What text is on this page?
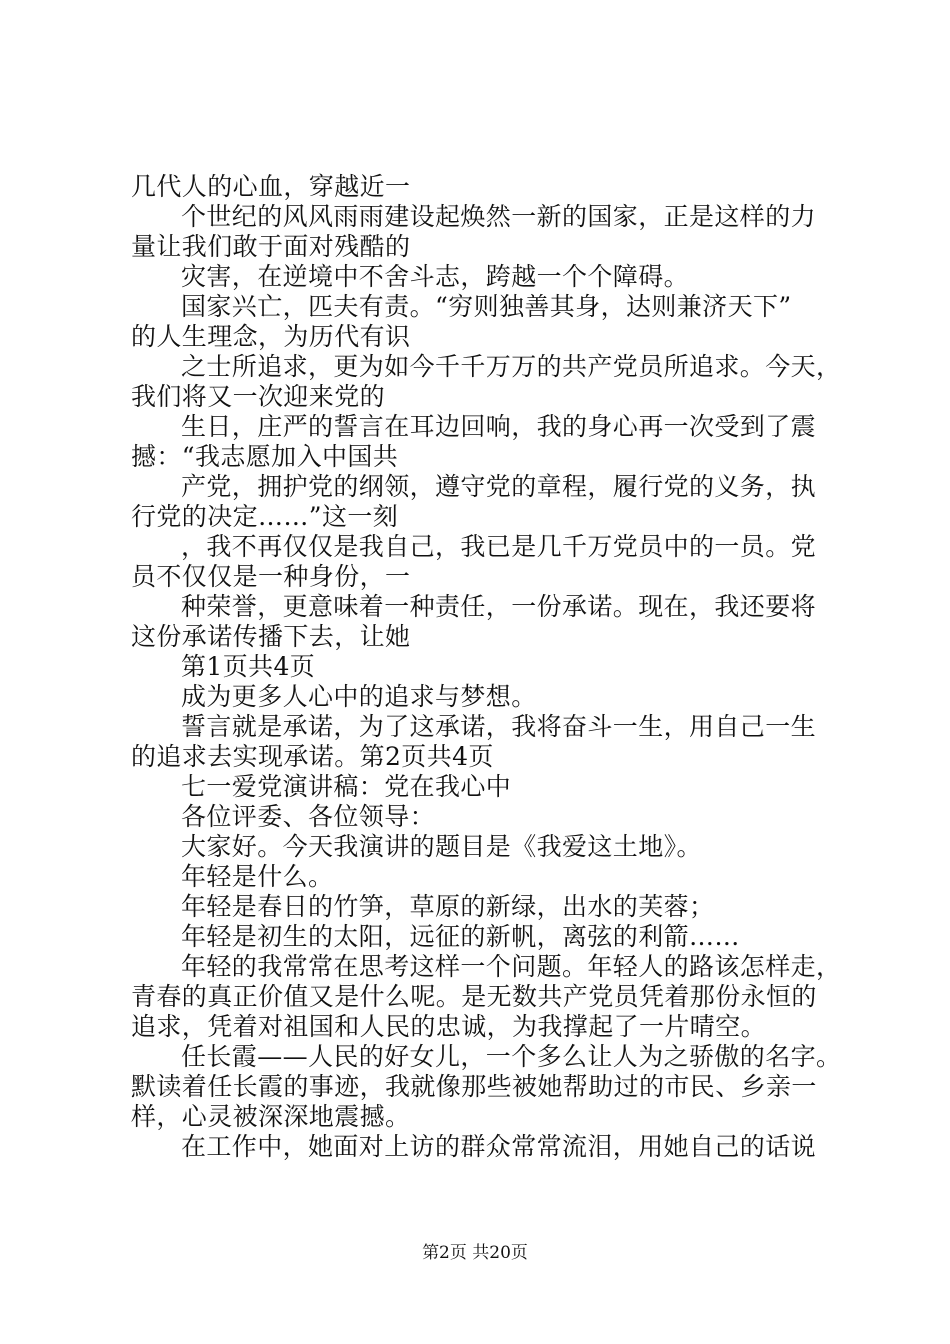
几代人的心血，穿越近一
个世纪的风风雨雨建设起焕然一新的国家，正是这样的力
量让我们敢于面对残酷的
灾害，在逆境中不舍斗志，跨越一个个障碍。
国家兴亡，匹夫有责。“穷则独善其身，达则兼济天下”
的人生理念，为历代有识
之士所追求，更为如今千千万万的共产党员所追求。今天，
我们将又一次迎来党的
生日，庄严的誓言在耳边回响，我的身心再一次受到了震
撼：“我志愿加入中国共
产党，拥护党的纲领，遵守党的章程，履行党的义务，执
行党的决定……”这一刻
，我不再仅仅是我自己，我已是几千万党员中的一员。党
员不仅仅是一种身份，一
种荣誉，更意味着一种责任，一份承诺。现在，我还要将
这份承诺传播下去，让她
第1页共4页
成为更多人心中的追求与梦想。
誓言就是承诺，为了这承诺，我将奋斗一生，用自己一生
的追求去实现承诺。第2页共4页
七一爱党演讲稿：党在我心中
各位评委、各位领导：
大家好。今天我演讲的题目是《我爱这土地》。
年轻是什么。
年轻是春日的竹笋，草原的新绿，出水的芙蓉；
年轻是初生的太阳，远征的新帆，离弦的利箭……
年轻的我常常在思考这样一个问题。年轻人的路该怎样走，
青春的真正价值又是什么呢。是无数共产党员凭着那份永恒的
追求，凭着对祖国和人民的忠诚，为我撑起了一片晴空。
任长霞——人民的好女儿，一个多么让人为之骄傲的名字。
默读着任长霞的事迹，我就像那些被她帮助过的市民、乡亲一
样，心灵被深深地震撼。
在工作中，她面对上访的群众常常流泪，用她自己的话说
第2页 共20页
